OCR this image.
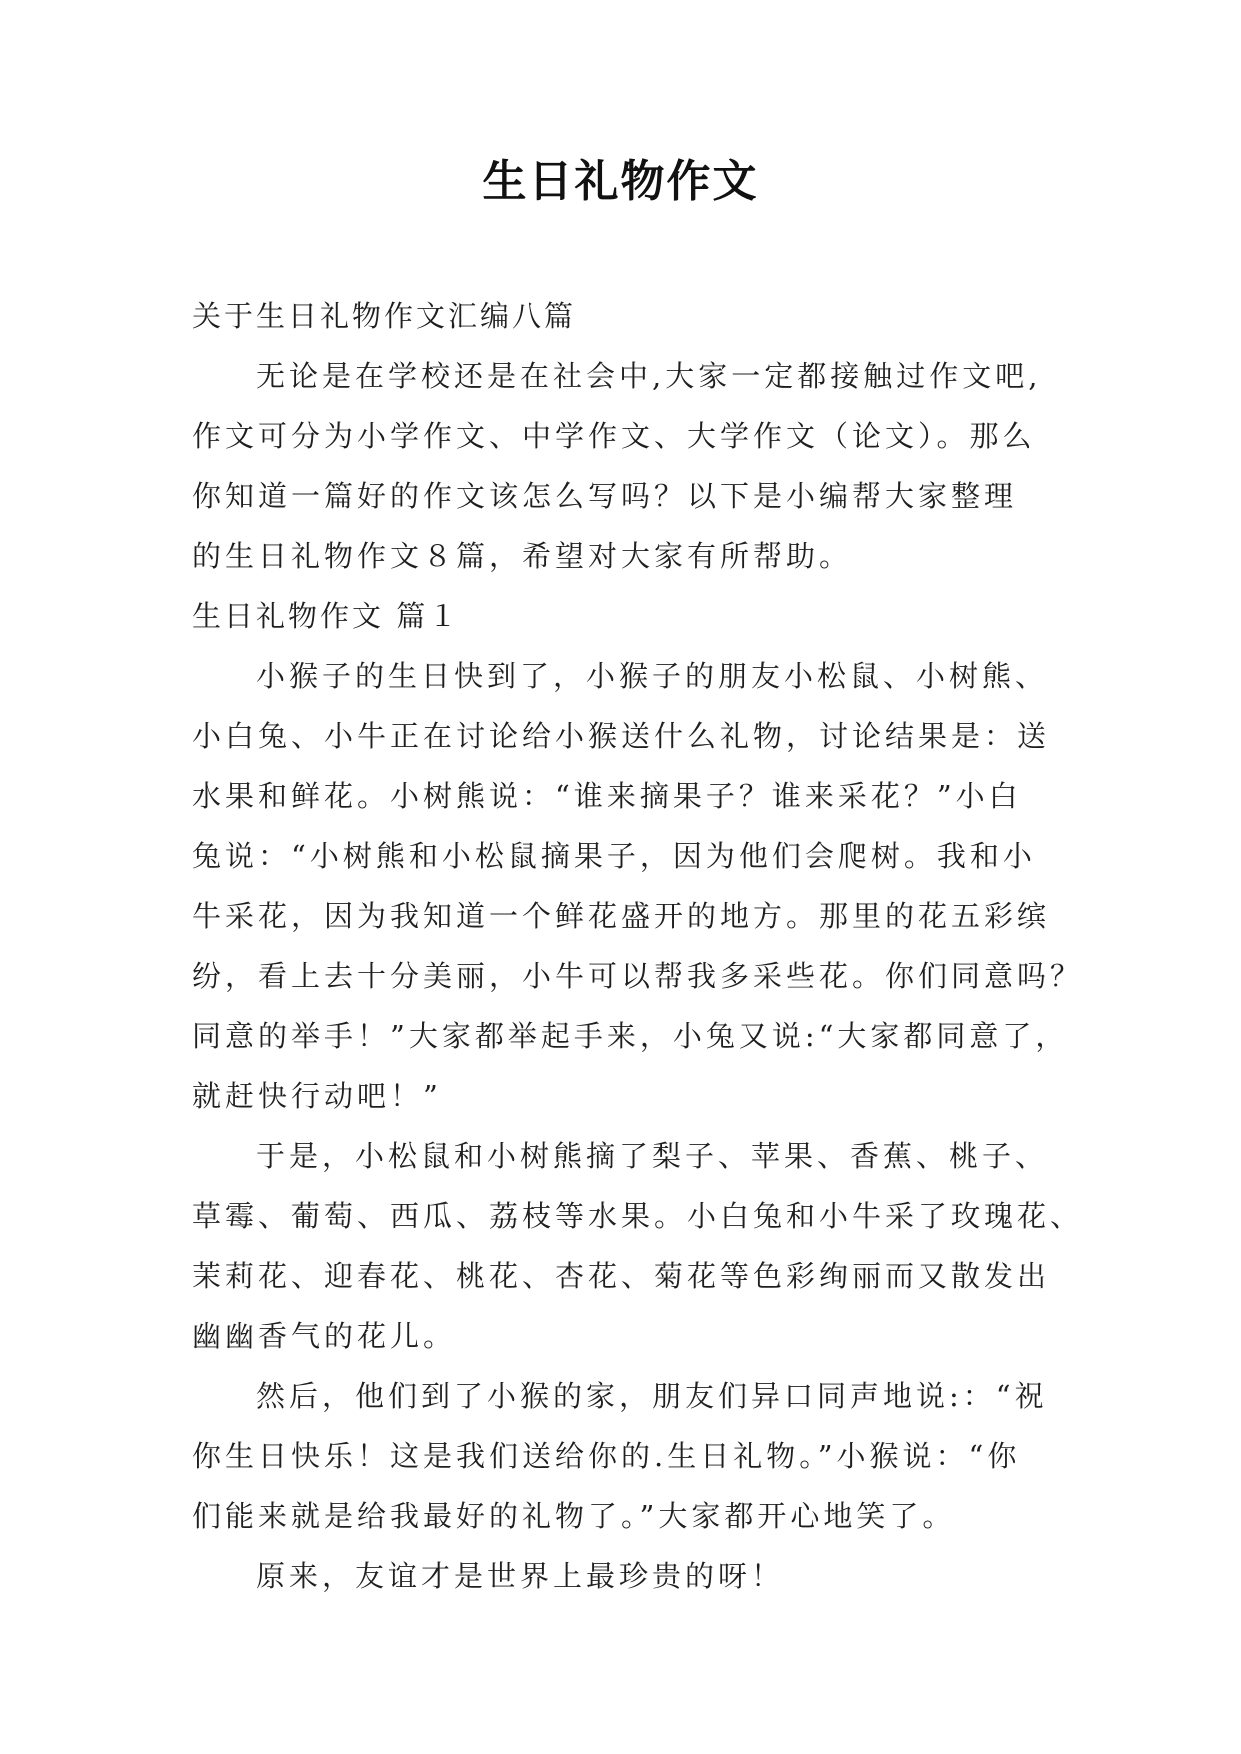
生日礼物作文
关于生日礼物作文汇编八篇
无论是在学校还是在社会中,大家一定都接触过作文吧,
作文可分为小学作文、中学作文、大学作文（论文）。那么
你知道一篇好的作文该怎么写吗？以下是小编帮大家整理
的生日礼物作文８篇，希望对大家有所帮助。
生日礼物作文 篇１
小猴子的生日快到了，小猴子的朋友小松鼠、小树熊、
小白兔、小牛正在讨论给小猴送什么礼物，讨论结果是：送
水果和鲜花。小树熊说：“谁来摘果子？谁来采花？”小白
兔说：“小树熊和小松鼠摘果子，因为他们会爬树。我和小
牛采花，因为我知道一个鲜花盛开的地方。那里的花五彩缤
纷，看上去十分美丽，小牛可以帮我多采些花。你们同意吗？
同意的举手！”大家都举起手来，小兔又说:“大家都同意了，
就赶快行动吧！”
于是，小松鼠和小树熊摘了梨子、苹果、香蕉、桃子、
草霉、葡萄、西瓜、荔枝等水果。小白兔和小牛采了玫瑰花、
茉莉花、迎春花、桃花、杏花、菊花等色彩绚丽而又散发出
幽幽香气的花儿。
然后，他们到了小猴的家，朋友们异口同声地说:：“祝
你生日快乐！这是我们送给你的.生日礼物。”小猴说：“你
们能来就是给我最好的礼物了。”大家都开心地笑了。
原来，友谊才是世界上最珍贵的呀！
